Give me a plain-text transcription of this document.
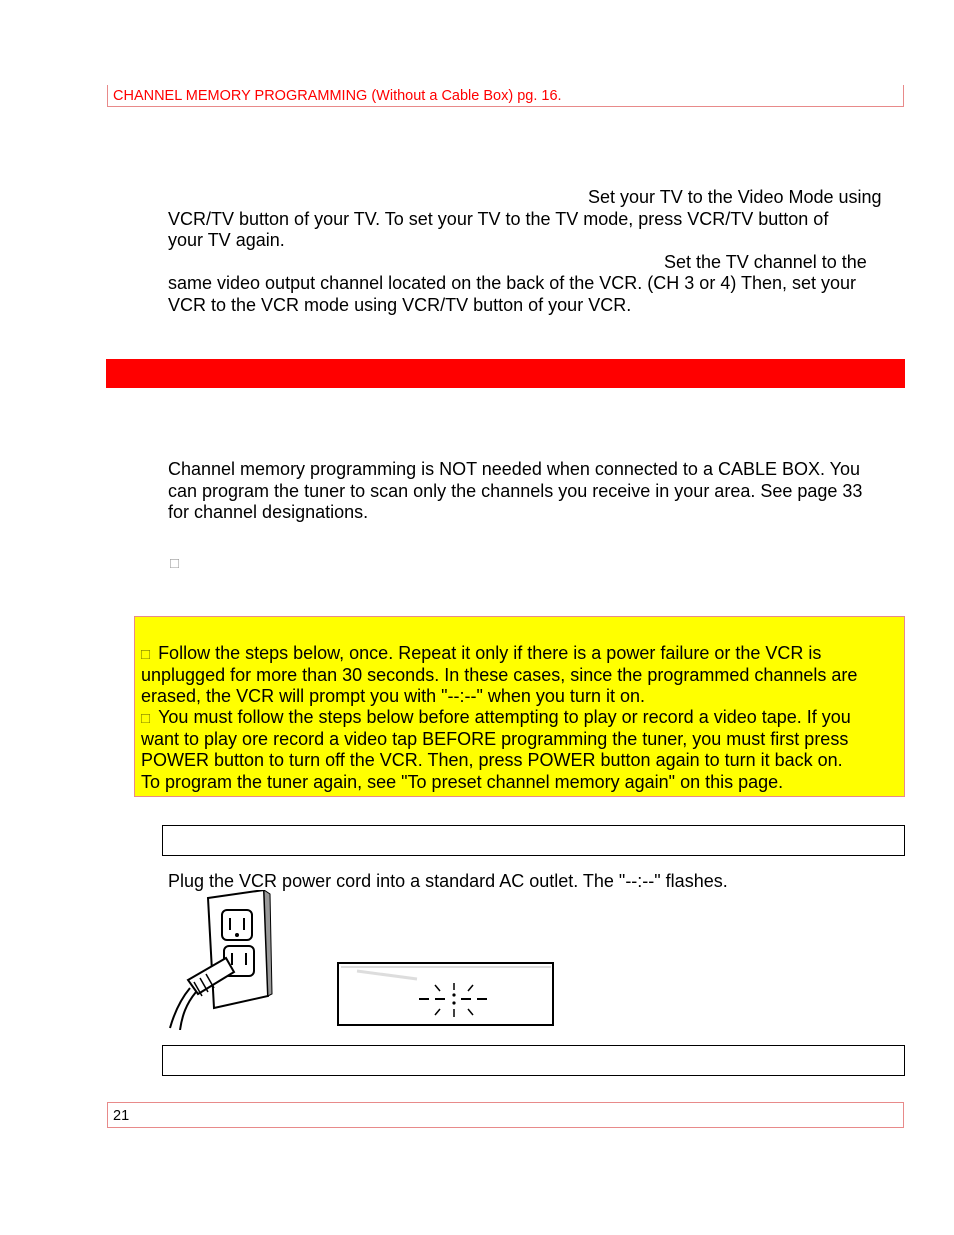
CHANNEL MEMORY PROGRAMMING (Without a Cable Box) pg. 16.
Set your TV to the Video Mode using
VCR/TV button of your TV. To set your TV to the TV mode, press VCR/TV button of
your TV again.
Set the TV channel to the
same video output channel located on the back of the VCR. (CH 3 or 4) Then, set your
VCR to the VCR mode using VCR/TV button of your VCR.
Channel memory programming is NOT needed when connected to a CABLE BOX. You
can program the tuner to scan only the channels you receive in your area. See page 33
for channel designations.
□
□ Follow the steps below, once. Repeat it only if there is a power failure or the VCR is
unplugged for more than 30 seconds. In these cases, since the programmed channels are
erased, the VCR will prompt you with "--:--" when you turn it on.
□ You must follow the steps below before attempting to play or record a video tape. If you
want to play ore record a video tap BEFORE programming the tuner, you must first press
POWER button to turn off the VCR. Then, press POWER button again to turn it back on.
To program the tuner again, see "To preset channel memory again" on this page.
Plug the VCR power cord into a standard AC outlet. The "--:--" flashes.
21
